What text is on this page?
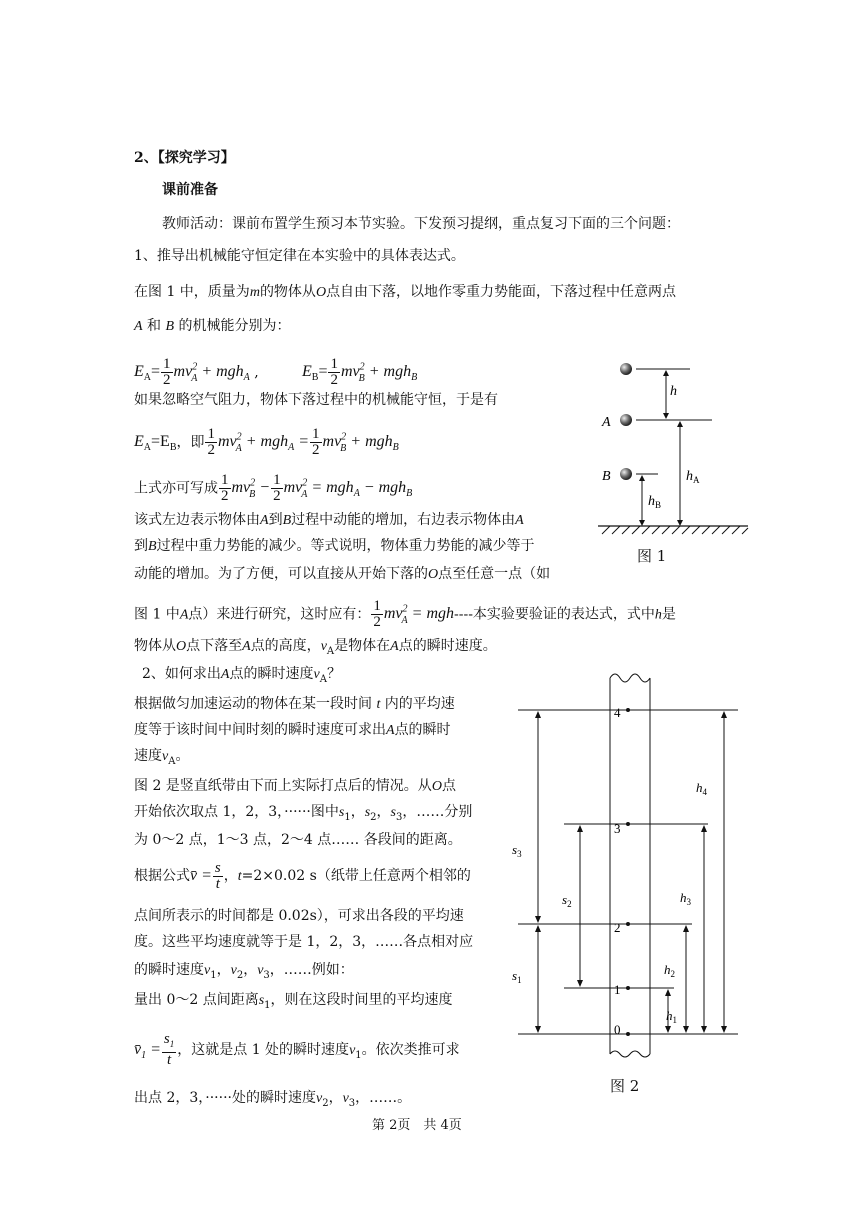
2、【探究学习】
课前准备
教师活动：课前布置学生预习本节实验。下发预习提纲，重点复习下面的三个问题：
1、推导出机械能守恒定律在本实验中的具体表达式。
在图 1 中，质量为m的物体从O点自由下落，以地作零重力势能面，下落过程中任意两点
A 和 B 的机械能分别为：
$E_A= \frac{1}{2} mv^2_A + mgh_A$ ,	$E_B= \frac{1}{2} mv^2_B + mgh_B$
如果忽略空气阻力，物体下落过程中的机械能守恒，于是有
$E_A=E_B$，即 $\frac{1}{2} mv^2_A + mgh_A = \frac{1}{2} mv^2_B + mgh_B$
上式亦可写成 $\frac{1}{2} mv^2_B - \frac{1}{2} mv^2_A = mgh_A - mgh_B$
该式左边表示物体由A到B过程中动能的增加，右边表示物体由A
到B过程中重力势能的减少。等式说明，物体重力势能的减少等于
动能的增加。为了方便，可以直接从开始下落的O点至任意一点（如
图 1 中A点）来进行研究，这时应有： $\frac{1}{2} mv^2_A = mgh----$本实验要验证的表达式，式中h是
物体从O点下落至A点的高度，$v_A$是物体在A点的瞬时速度。
2、如何求出A点的瞬时速度$v_A$？
根据做匀加速运动的物体在某一段时间 t 内的平均速
度等于该时间中间时刻的瞬时速度可求出A点的瞬时
速度$v_A$。
图 2 是竖直纸带由下而上实际打点后的情况。从O点
开始依次取点 1，2，3，······图中$s_1$，$s_2$，$s_3$，……分别
为 0～2 点，1～3 点，2～4 点…… 各段间的距离。
根据公式v̄ = $\frac{s}{t}$ ，t=2×0.02 s（纸带上任意两个相邻的
点间所表示的时间都是 0.02s），可求出各段的平均速
度。这些平均速度就等于是 1，2，3，……各点相对应
的瞬时速度$v_1$，$v_2$，$v_3$，……例如：
量出 0～2 点间距离$s_1$，则在这段时间里的平均速度
$v̄_1 = \frac{s_1}{t}$ ，这就是点 1 处的瞬时速度$v_1$。依次类推可求
出点 2，3，······处的瞬时速度$v_2$，$v_3$，……。
h
A
B	$h_A$
$h_B$
图 1
4
3
2
1
0
$s_3$
$s_2$
$s_1$
$h_4$
$h_3$
$h_2$
$h_1$
图 2
第 2页　共 4页
